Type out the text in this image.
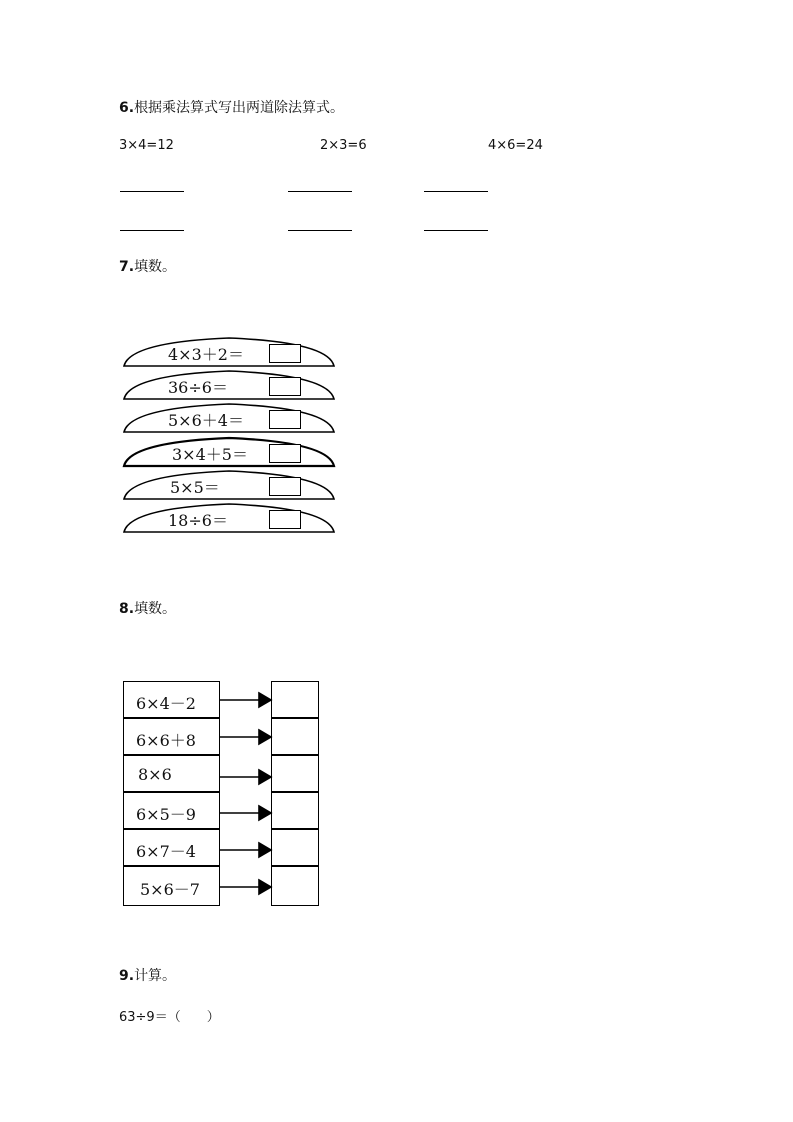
6.根据乘法算式写出两道除法算式。
3×4=12	2×3=6	4×6=24
7.填数。
4×3＋2＝
36÷6＝
5×6＋4＝
3×4＋5＝
5×5＝
18÷6＝
8.填数。
6×4－2
6×6＋8
8×6
6×5－9
6×7－4
5×6－7
9.计算。
63÷9＝（　　）
